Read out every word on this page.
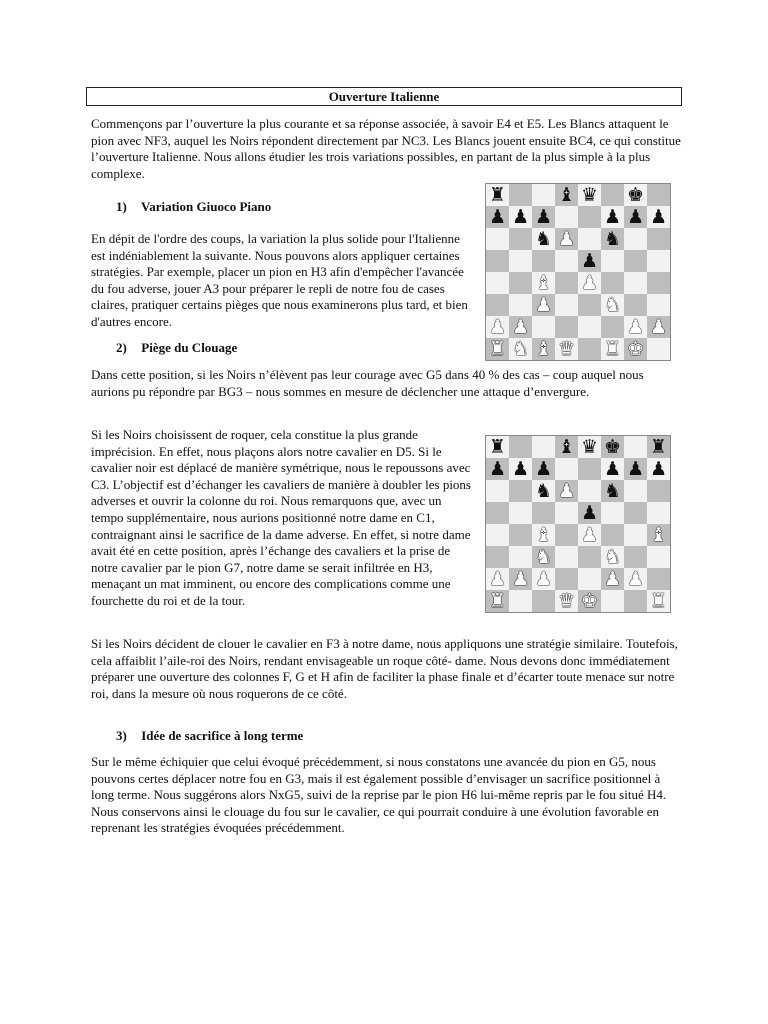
Ouverture Italienne

Commençons par l’ouverture la plus courante et sa réponse associée, à savoir E4 et E5. Les Blancs attaquent le pion avec NF3, auquel les Noirs répondent directement par NC3. Les Blancs jouent ensuite BC4, ce qui constitue l’ouverture Italienne. Nous allons étudier les trois variations possibles, en partant de la plus simple à la plus complexe.

1) Variation Giuoco Piano

En dépit de l'ordre des coups, la variation la plus solide pour l'Italienne est indéniablement la suivante. Nous pouvons alors appliquer certaines stratégies. Par exemple, placer un pion en H3 afin d'empêcher l'avancée du fou adverse, jouer A3 pour préparer le repli de notre fou de cases claires, pratiquer certains pièges que nous examinerons plus tard, et bien d'autres encore.

2) Piège du Clouage

Dans cette position, si les Noirs n’élèvent pas leur courage avec G5 dans 40 % des cas – coup auquel nous aurions pu répondre par BG3 – nous sommes en mesure de déclencher une attaque d’envergure.

Si les Noirs choisissent de roquer, cela constitue la plus grande imprécision. En effet, nous plaçons alors notre cavalier en D5. Si le cavalier noir est déplacé de manière symétrique, nous le repoussons avec C3. L’objectif est d’échanger les cavaliers de manière à doubler les pions adverses et ouvrir la colonne du roi. Nous remarquons que, avec un tempo supplémentaire, nous aurions positionné notre dame en C1, contraignant ainsi le sacrifice de la dame adverse. En effet, si notre dame avait été en cette position, après l’échange des cavaliers et la prise de notre cavalier par le pion G7, notre dame se serait infiltrée en H3, menaçant un mat imminent, ou encore des complications comme une fourchette du roi et de la tour.

Si les Noirs décident de clouer le cavalier en F3 à notre dame, nous appliquons une stratégie similaire. Toutefois, cela affaiblit l’aile-roi des Noirs, rendant envisageable un roque côté- dame. Nous devons donc immédiatement préparer une ouverture des colonnes F, G et H afin de faciliter la phase finale et d’écarter toute menace sur notre roi, dans la mesure où nous roquerons de ce côté.

3) Idée de sacrifice à long terme

Sur le même échiquier que celui évoqué précédemment, si nous constatons une avancée du pion en G5, nous pouvons certes déplacer notre fou en G3, mais il est également possible d’envisager un sacrifice positionnel à long terme. Nous suggérons alors NxG5, suivi de la reprise par le pion H6 lui-même repris par le fou situé H4. Nous conservons ainsi le clouage du fou sur le cavalier, ce qui pourrait conduire à une évolution favorable en reprenant les stratégies évoquées précédemment.

♜	♝ ♛ ♚
♟ ♟ ♟	♟ ♟ ♟
♞ ♟ ♞
♟
♝ ♟
♟	♞
♟ ♟	♟ ♟
♜ ♞ ♝ ♛ ♜ ♚
♜	♝ ♛ ♚ ♜
♟ ♟ ♟	♟ ♟ ♟
♞ ♟ ♞
♟
♝ ♟	♝
♞	♞
♟ ♟ ♟	♟ ♟
♜	♛ ♚	♜
